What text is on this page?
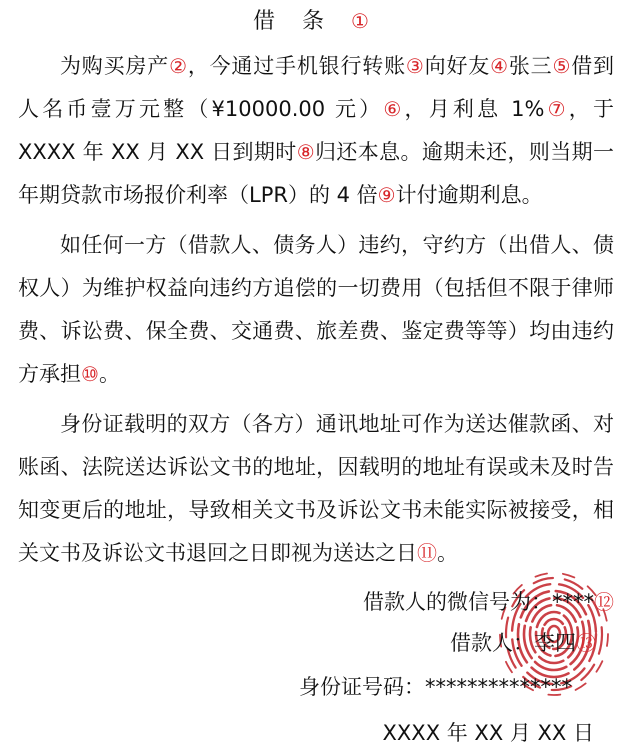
借 条 ①

为购买房产②，今通过手机银行转账③向好友④张三⑤借到人名币壹万元整（¥10000.00 元）⑥，月利息 1%⑦，于 XXXX 年 XX 月 XX 日到期时⑧归还本息。逾期未还，则当期一年期贷款市场报价利率（LPR）的 4 倍⑨计付逾期利息。

如任何一方（借款人、债务人）违约，守约方（出借人、债权人）为维护权益向违约方追偿的一切费用（包括但不限于律师费、诉讼费、保全费、交通费、旅差费、鉴定费等等）均由违约方承担⑩。

身份证载明的双方（各方）通讯地址可作为送达催款函、对账函、法院送达诉讼文书的地址，因载明的地址有误或未及时告知变更后的地址，导致相关文书及诉讼文书未能实际被接受，相关文书及诉讼文书退回之日即视为送达之日⑪。

借款人的微信号为：****⑫
借款人：李四⑬
身份证号码：**************
XXXX 年 XX 月 XX 日
